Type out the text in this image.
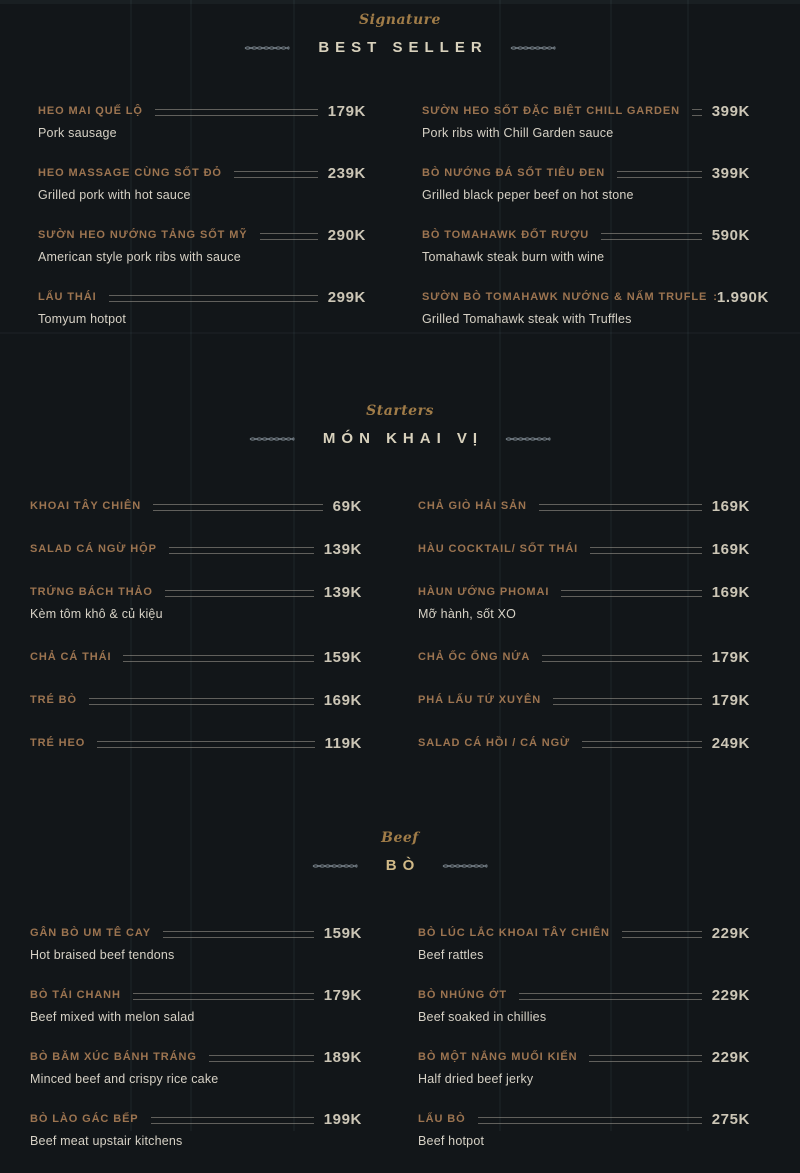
Signature
BEST SELLER
HEO MAI QUẾ LỘ	179K
Pork sausage
HEO MASSAGE CÙNG SỐT ĐỎ	239K
Grilled pork with hot sauce
SƯỜN HEO NƯỚNG TẢNG SỐT MỸ	290K
American style pork ribs with sauce
LẨU THÁI	299K
Tomyum hotpot
SƯỜN HEO SỐT ĐẶC BIỆT CHILL GARDEN 399K
Pork ribs with Chill Garden sauce
BÒ NƯỚNG ĐÁ SỐT TIÊU ĐEN	399K
Grilled black peper beef on hot stone
BÒ TOMAHAWK ĐỐT RƯỢU	590K
Tomahawk steak burn with wine
SƯỜN BÒ TOMAHAWK NƯỚNG & NẤM TRUFLE : 1.990K
Grilled Tomahawk steak with Truffles
Starters
MÓN KHAI VỊ
KHOAI TÂY CHIÊN	69K
SALAD CÁ NGỪ HỘP	139K
TRỨNG BÁCH THẢO	139K
Kèm tôm khô & củ kiệu
CHẢ CÁ THÁI	159K
TRÉ BÒ	169K
TRÉ HEO	119K
CHẢ GIÒ HẢI SẢN	169K
HÀU COCKTAIL/ SỐT THÁI	169K
HÀUN ƯỚNG PHOMAI	169K
Mỡ hành, sốt XO
CHẢ ỐC ỐNG NỨA	179K
PHÁ LẤU TỨ XUYÊN	179K
SALAD CÁ HỒI / CÁ NGỪ	249K
Beef
BÒ
GÂN BÒ UM TÊ CAY	159K
Hot braised beef tendons
BÒ TÁI CHANH	179K
Beef mixed with melon salad
BÒ BĂM XÚC BÁNH TRÁNG	189K
Minced beef and crispy rice cake
BÒ LÀO GÁC BẾP	199K
Beef meat upstair kitchens
BÒ LÚC LẮC KHOAI TÂY CHIÊN	229K
Beef rattles
BÒ NHÚNG ỚT	229K
Beef soaked in chillies
BÒ MỘT NẮNG MUỐI KIẾN	229K
Half dried beef jerky
LẨU BÒ	275K
Beef hotpot
